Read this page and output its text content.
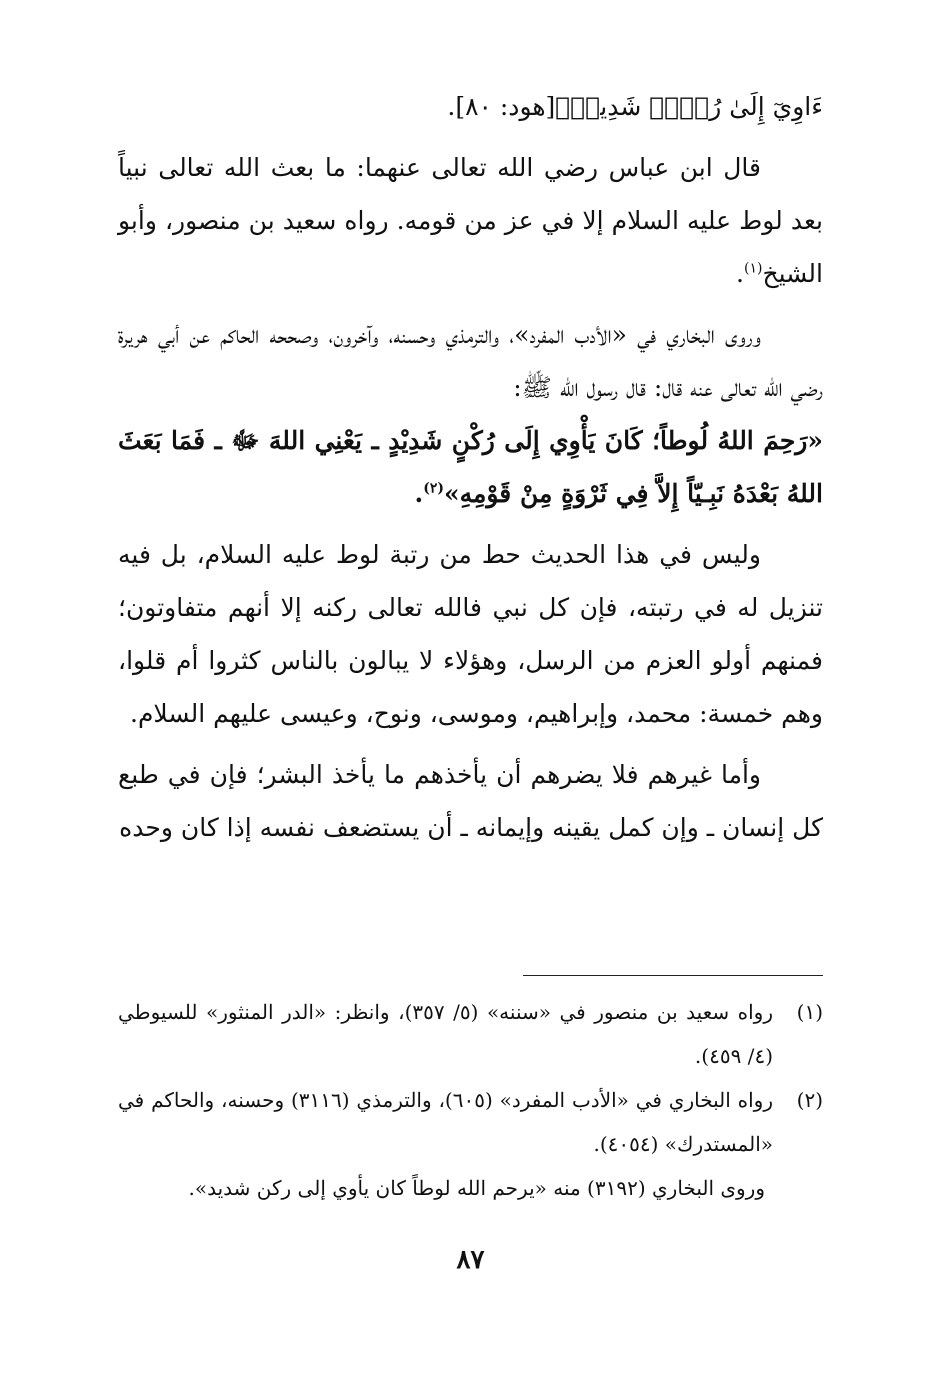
ءَاوِيٓ إِلَىٰ رُكۡنٖ شَدِيدٖ﴾[هود: ٨٠].

قال ابن عباس رضي الله تعالى عنهما: ما بعث الله تعالى نبياً بعد لوط عليه السلام إلا في عز من قومه. رواه سعيد بن منصور، وأبو الشيخ$^{(١)}$.

وروى البخاري في «الأدب المفرد»، والترمذي وحسنه، وآخرون، وصححه الحاكم عن أبي هريرة رضي الله تعالى عنه قال: قال رسول الله ﷺ:

«رَحِمَ اللهُ لُوطاً؛ كَانَ يَأْوِي إِلَى رُكْنٍ شَدِيْدٍ ـ يَعْنِي اللهَ ﷻ ـ فَمَا بَعَثَ اللهُ بَعْدَهُ نَبِـيّاً إِلاَّ فِي ثَرْوَةٍ مِنْ قَوْمِهِ»$^{(٢)}$.

وليس في هذا الحديث حط من رتبة لوط عليه السلام، بل فيه تنزيل له في رتبته، فإن كل نبي فالله تعالى ركنه إلا أنهم متفاوتون؛ فمنهم أولو العزم من الرسل، وهؤلاء لا يبالون بالناس كثروا أم قلوا، وهم خمسة: محمد، وإبراهيم، وموسى، ونوح، وعيسى عليهم السلام.

وأما غيرهم فلا يضرهم أن يأخذهم ما يأخذ البشر؛ فإن في طبع كل إنسان ـ وإن كمل يقينه وإيمانه ـ أن يستضعف نفسه إذا كان وحده

(١)
رواه سعيد بن منصور في «سننه» (٥/ ٣٥٧)، وانظر: «الدر المنثور» للسيوطي (٤/ ٤٥٩).
(٢)
رواه البخاري في «الأدب المفرد» (٦٠٥)، والترمذي (٣١١٦) وحسنه، والحاكم في «المستدرك» (٤٠٥٤).

وروى البخاري (٣١٩٢) منه «يرحم الله لوطاً كان يأوي إلى ركن شديد».

٨٧
